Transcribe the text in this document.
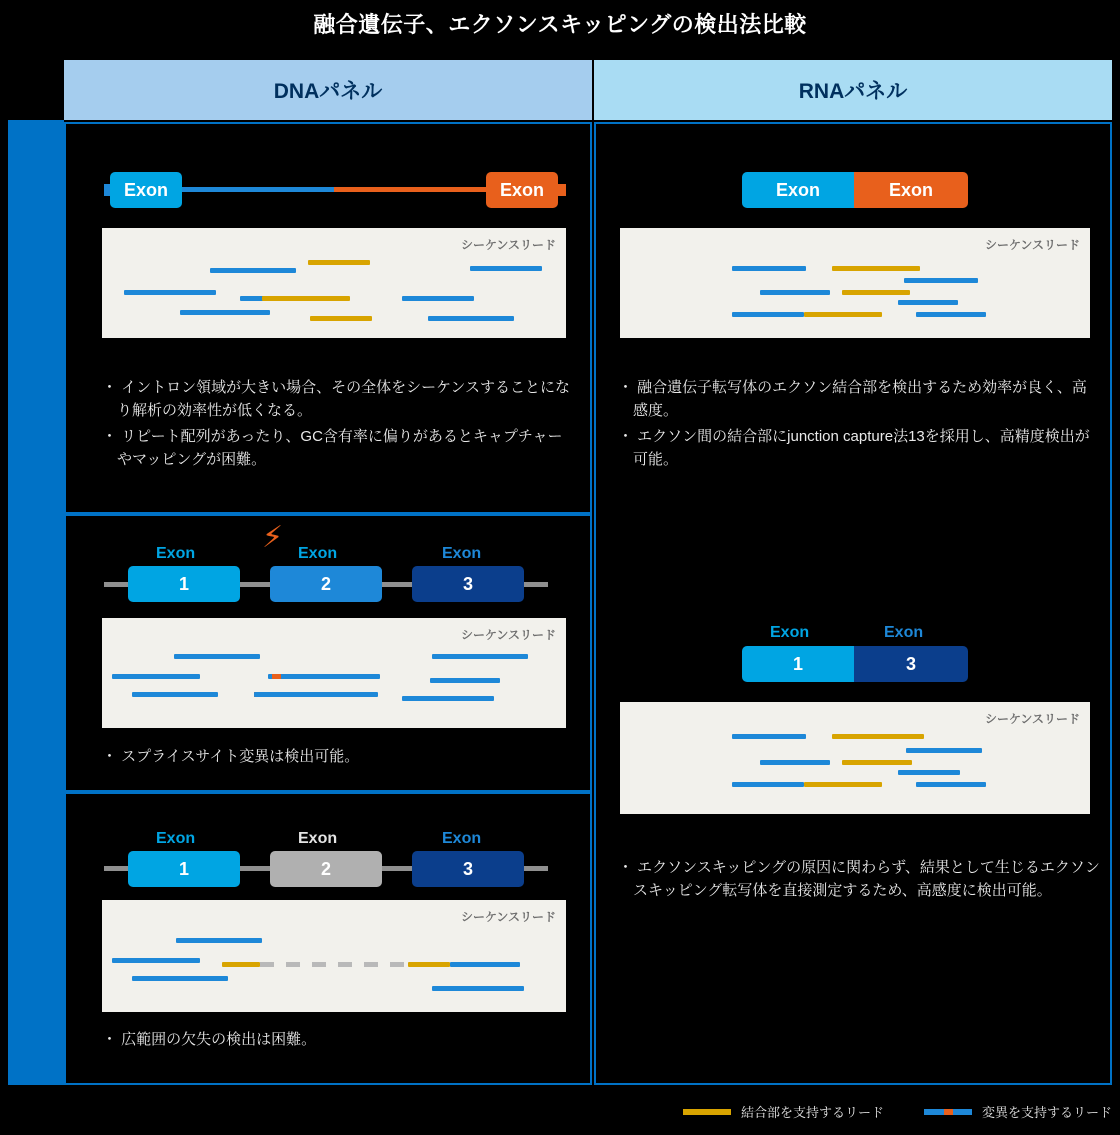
融合遺伝子、エクソンスキッピングの検出法比較
DNAパネル	RNAパネル
Exon	Exon
シーケンスリード
・ イントロン領域が大きい場合、その全体をシーケンスすることになり解析の効率性が低くなる。
・ リピート配列があったり、GC含有率に偏りがあるとキャプチャーやマッピングが困難。
⚡
Exon
1
Exon
2
Exon
3
シーケンスリード
・ スプライスサイト変異は検出可能。
Exon
1
Exon
2
Exon
3
シーケンスリード
・ 広範囲の欠失の検出は困難。
Exon	Exon
シーケンスリード
・ 融合遺伝子転写体のエクソン結合部を検出するため効率が良く、高感度。
・ エクソン間の結合部にjunction capture法13を採用し、高精度検出が可能。
Exon
1
Exon
3
シーケンスリード
・ エクソンスキッピングの原因に関わらず、結果として生じるエクソンスキッピング転写体を直接測定するため、高感度に検出可能。
結合部を支持するリード	変異を支持するリード
